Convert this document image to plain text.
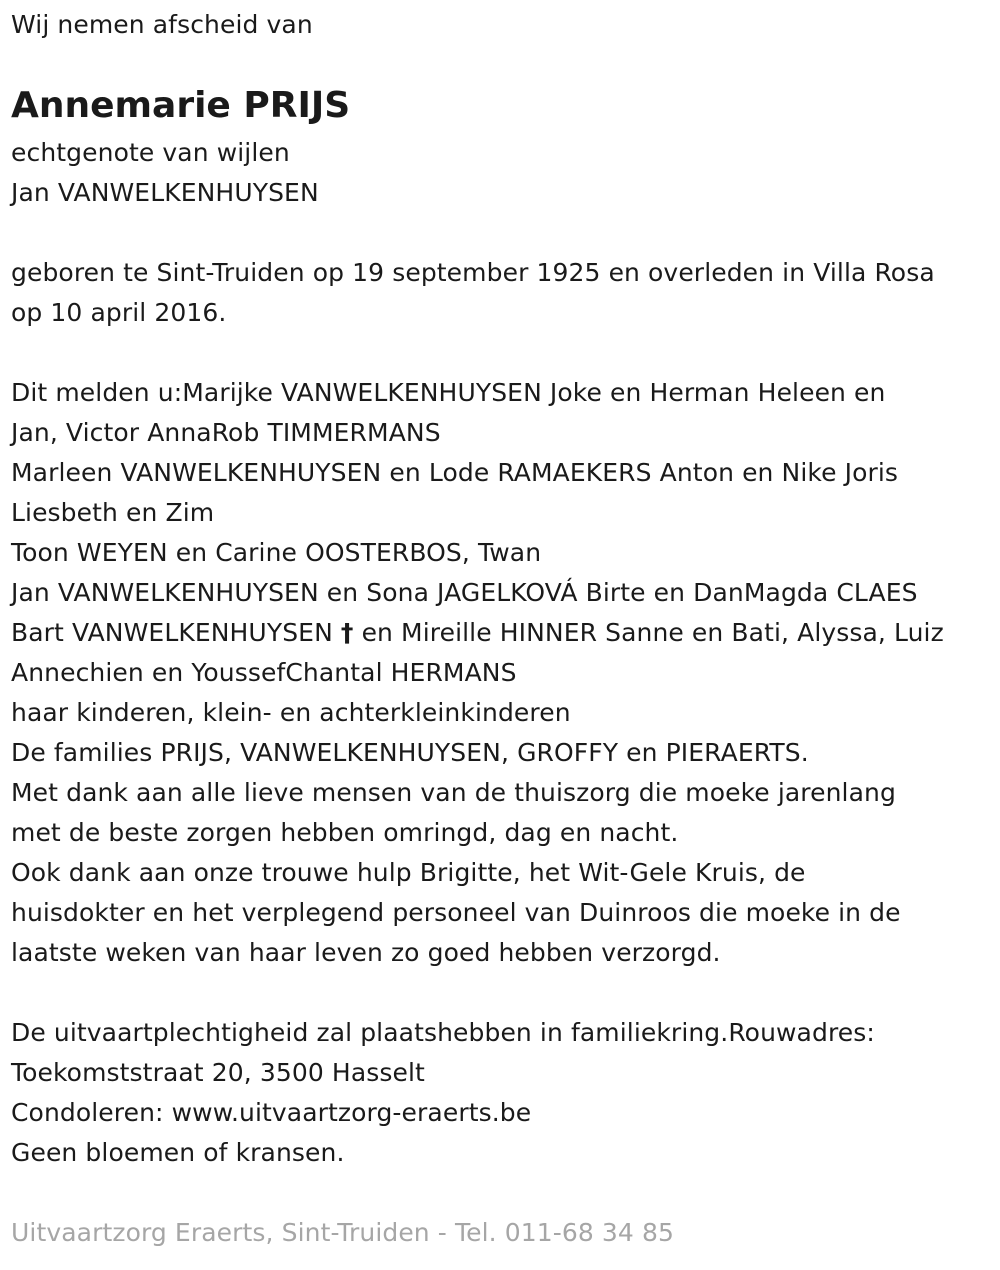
Wij nemen afscheid van
Annemarie PRIJS
echtgenote van wijlen
Jan VANWELKENHUYSEN
geboren te Sint-Truiden op 19 september 1925 en overleden in Villa Rosa
op 10 april 2016.
Dit melden u:Marijke VANWELKENHUYSEN Joke en Herman Heleen en
Jan, Victor AnnaRob TIMMERMANS
Marleen VANWELKENHUYSEN en Lode RAMAEKERS Anton en Nike Joris
Liesbeth en Zim
Toon WEYEN en Carine OOSTERBOS, Twan
Jan VANWELKENHUYSEN en Sona JAGELKOVÁ Birte en DanMagda CLAES
Bart VANWELKENHUYSEN † en Mireille HINNER Sanne en Bati, Alyssa, Luiz
Annechien en YoussefChantal HERMANS
haar kinderen, klein- en achterkleinkinderen
De families PRIJS, VANWELKENHUYSEN, GROFFY en PIERAERTS.
Met dank aan alle lieve mensen van de thuiszorg die moeke jarenlang
met de beste zorgen hebben omringd, dag en nacht.
Ook dank aan onze trouwe hulp Brigitte, het Wit-Gele Kruis, de
huisdokter en het verplegend personeel van Duinroos die moeke in de
laatste weken van haar leven zo goed hebben verzorgd.
De uitvaartplechtigheid zal plaatshebben in familiekring.Rouwadres:
Toekomststraat 20, 3500 Hasselt
Condoleren: www.uitvaartzorg-eraerts.be
Geen bloemen of kransen.
Uitvaartzorg Eraerts, Sint-Truiden - Tel. 011-68 34 85
